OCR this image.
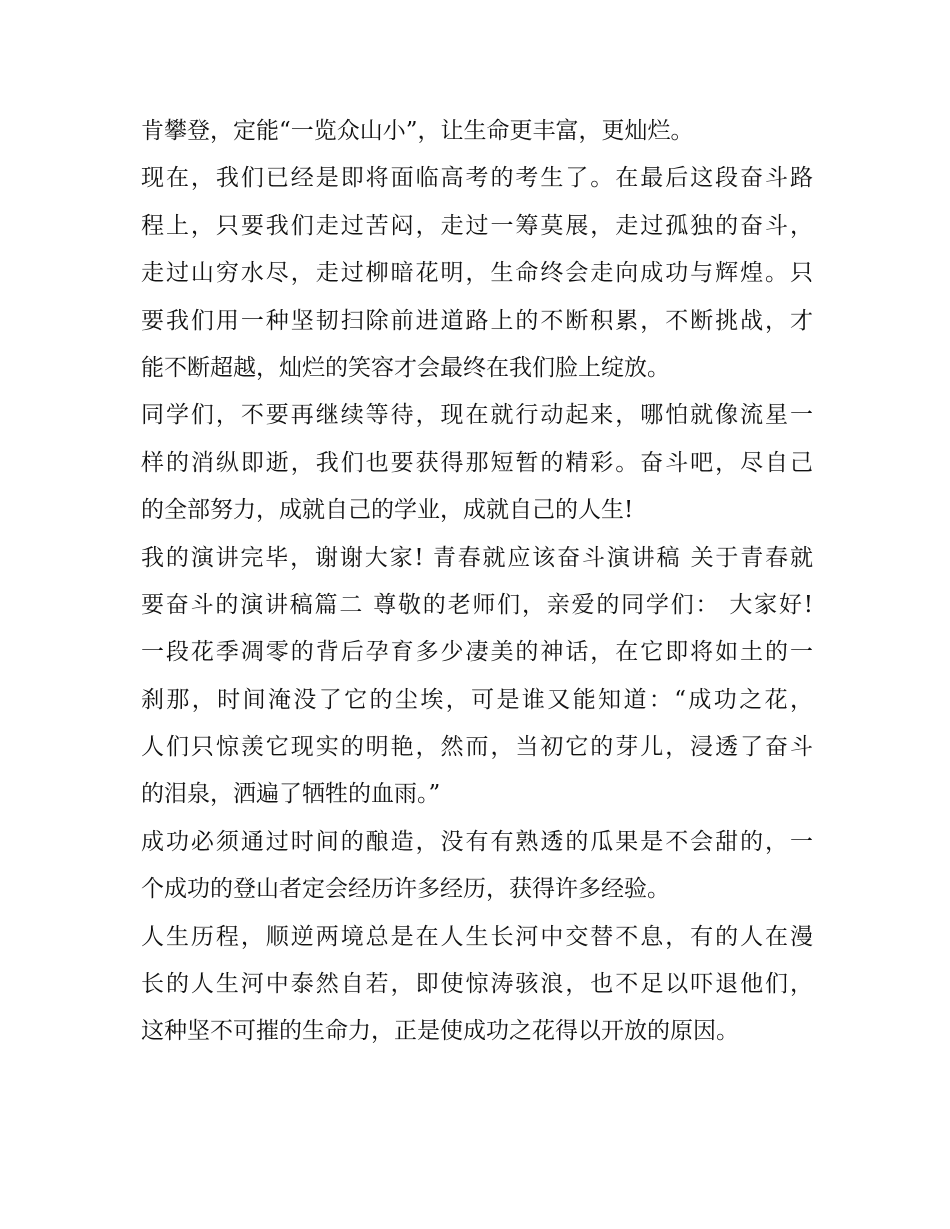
肯攀登，定能“一览众山小”，让生命更丰富，更灿烂。
现在，我们已经是即将面临高考的考生了。在最后这段奋斗路
程上，只要我们走过苦闷，走过一筹莫展，走过孤独的奋斗，
走过山穷水尽，走过柳暗花明，生命终会走向成功与辉煌。只
要我们用一种坚韧扫除前进道路上的不断积累，不断挑战，才
能不断超越，灿烂的笑容才会最终在我们脸上绽放。
同学们，不要再继续等待，现在就行动起来，哪怕就像流星一
样的消纵即逝，我们也要获得那短暂的精彩。奋斗吧，尽自己
的全部努力，成就自己的学业，成就自己的人生!
我的演讲完毕，谢谢大家! 青春就应该奋斗演讲稿 关于青春就
要奋斗的演讲稿篇二 尊敬的老师们，亲爱的同学们： 大家好!
一段花季凋零的背后孕育多少凄美的神话，在它即将如土的一
刹那，时间淹没了它的尘埃，可是谁又能知道：“成功之花，
人们只惊羡它现实的明艳，然而，当初它的芽儿，浸透了奋斗
的泪泉，洒遍了牺牲的血雨。”
成功必须通过时间的酿造，没有有熟透的瓜果是不会甜的，一
个成功的登山者定会经历许多经历，获得许多经验。
人生历程，顺逆两境总是在人生长河中交替不息，有的人在漫
长的人生河中泰然自若，即使惊涛骇浪，也不足以吓退他们，
这种坚不可摧的生命力，正是使成功之花得以开放的原因。
